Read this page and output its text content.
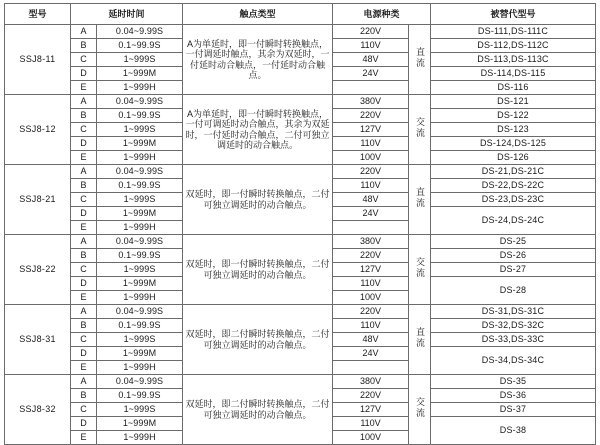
型号	延时时间		触点类型	电源种类		被替代型号
SSJ8-11	A	0.04~9.99S	A为单延时，即一付瞬时转换触点，一付调延时触点，其余为双延时，一付延时动合触点，一付延时动合触点。	220V	直流	DS-111,DS-111C
	B	0.1~99.9S		110V		DS-112,DS-112C
	C	1~999S		48V		DS-113,DS-113C
	D	1~999M		24V		DS-114,DS-115
	E	1~999H				DS-116
SSJ8-12	A	0.04~9.99S	A为单延时，即一付瞬时转换触点，一付可调延时动合触点，其余为双延时，一付延时动合触点，二付可独立调延时的动合触点。	380V	交流	DS-121
	B	0.1~99.9S		220V		DS-122
	C	1~999S		127V		DS-123
	D	1~999M		110V		DS-124,DS-125
	E	1~999H		100V		DS-126
SSJ8-21	A	0.04~9.99S	双延时，即一付瞬时转换触点，二付可独立调延时的动合触点。	220V	直流	DS-21,DS-21C
	B	0.1~99.9S		110V		DS-22,DS-22C
	C	1~999S		48V		DS-23,DS-23C
	D	1~999M		24V		DS-24,DS-24C
	E	1~999H				
SSJ8-22	A	0.04~9.99S	双延时，即一付瞬时转换触点，二付可独立调延时的动合触点。	380V	交流	DS-25
	B	0.1~99.9S		220V		DS-26
	C	1~999S		127V		DS-27
	D	1~999M		110V		DS-28
	E	1~999H		100V		
SSJ8-31	A	0.04~9.99S	双延时，即二付瞬时转换触点，二付可独立调延时的动合触点。	220V	直流	DS-31,DS-31C
	B	0.1~99.9S		110V		DS-32,DS-32C
	C	1~999S		48V		DS-33,DS-33C
	D	1~999M		24V		DS-34,DS-34C
	E	1~999H				
SSJ8-32	A	0.04~9.99S	双延时，即二付瞬时转换触点，二付可独立调延时的动合触点。	380V	交流	DS-35
	B	0.1~99.9S		220V		DS-36
	C	1~999S		127V		DS-37
	D	1~999M		110V		DS-38
	E	1~999H		100V		
